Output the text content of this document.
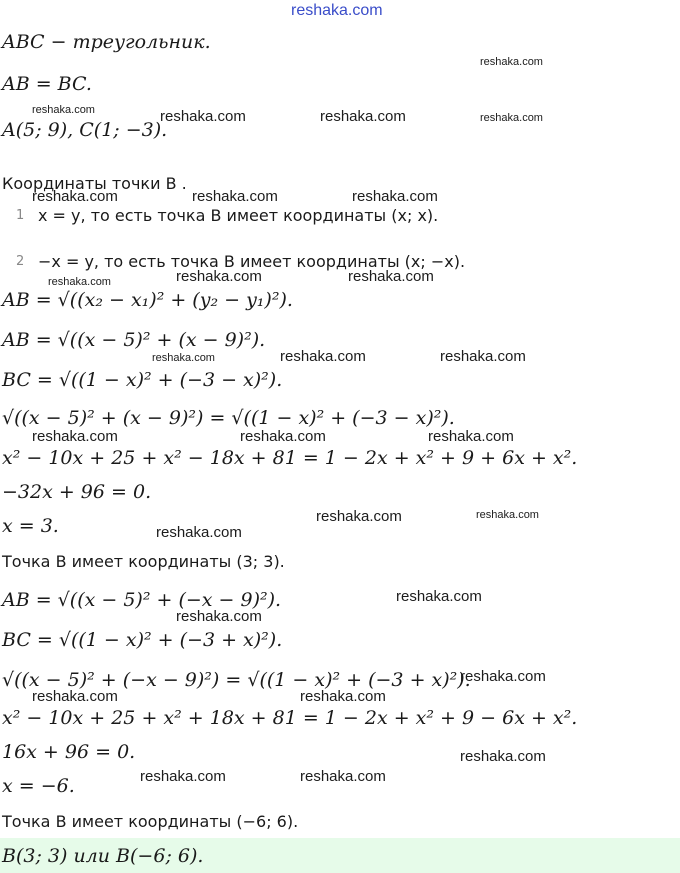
reshaka.com
reshaka.com
reshaka.com	reshaka.com	reshaka.com	reshaka.com
reshaka.com	reshaka.com	reshaka.com
reshaka.com	reshaka.com	reshaka.com
reshaka.com	reshaka.com	reshaka.com
reshaka.com	reshaka.com	reshaka.com
reshaka.com	reshaka.com
reshaka.com
reshaka.com
reshaka.com
reshaka.com
reshaka.com	reshaka.com
reshaka.com
reshaka.com	reshaka.com
ABC − треугольник.
AB = BC.
A(5; 9), C(1; −3).
Координаты точки B .
1 x = y, то есть точка B имеет координаты (x; x).
2 −x = y, то есть точка B имеет координаты (x; −x).
AB = √((x₂ − x₁)² + (y₂ − y₁)²).
AB = √((x − 5)² + (x − 9)²).
BC = √((1 − x)² + (−3 − x)²).
√((x − 5)² + (x − 9)²) = √((1 − x)² + (−3 − x)²).
x² − 10x + 25 + x² − 18x + 81 = 1 − 2x + x² + 9 + 6x + x².
−32x + 96 = 0.
x = 3.
Точка B имеет координаты (3; 3).
AB = √((x − 5)² + (−x − 9)²).
BC = √((1 − x)² + (−3 + x)²).
√((x − 5)² + (−x − 9)²) = √((1 − x)² + (−3 + x)²).
x² − 10x + 25 + x² + 18x + 81 = 1 − 2x + x² + 9 − 6x + x².
16x + 96 = 0.
x = −6.
Точка B имеет координаты (−6; 6).
B(3; 3) или B(−6; 6).
